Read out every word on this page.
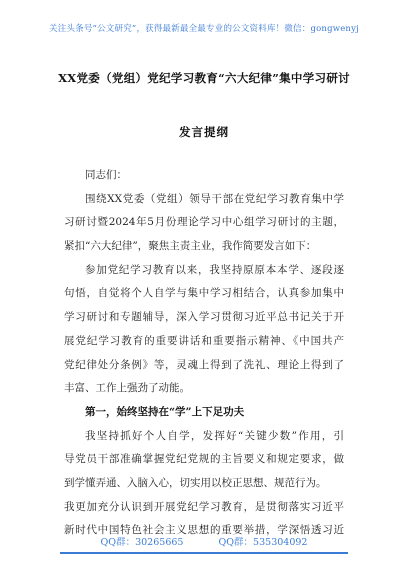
关注头条号“公文研究”，获得最新最全最专业的公文资料库！微信：gongwenyj
XX党委（党组）党纪学习教育“六大纪律”集中学习研讨
发言提纲
同志们：
围绕XX党委（党组）领导干部在党纪学习教育集中学
习研讨暨2024年5月份理论学习中心组学习研讨的主题，
紧扣“六大纪律”，聚焦主责主业，我作简要发言如下：
参加党纪学习教育以来，我坚持原原本本学、逐段逐
句悟，自觉将个人自学与集中学习相结合，认真参加集中
学习研讨和专题辅导，深入学习贯彻习近平总书记关于开
展党纪学习教育的重要讲话和重要指示精神、《中国共产
党纪律处分条例》等，灵魂上得到了洗礼、理论上得到了
丰富、工作上强劲了动能。
第一，始终坚持在“学”上下足功夫
我坚持抓好个人自学，发挥好“关键少数”作用，引
导党员干部准确掌握党纪党规的主旨要义和规定要求，做
到学懂弄通、入脑入心，切实用以校正思想、规范行为。
我更加充分认识到开展党纪学习教育，是贯彻落实习近平
新时代中国特色社会主义思想的重要举措，学深悟透习近
QQ群：30265665	QQ群：535304092
